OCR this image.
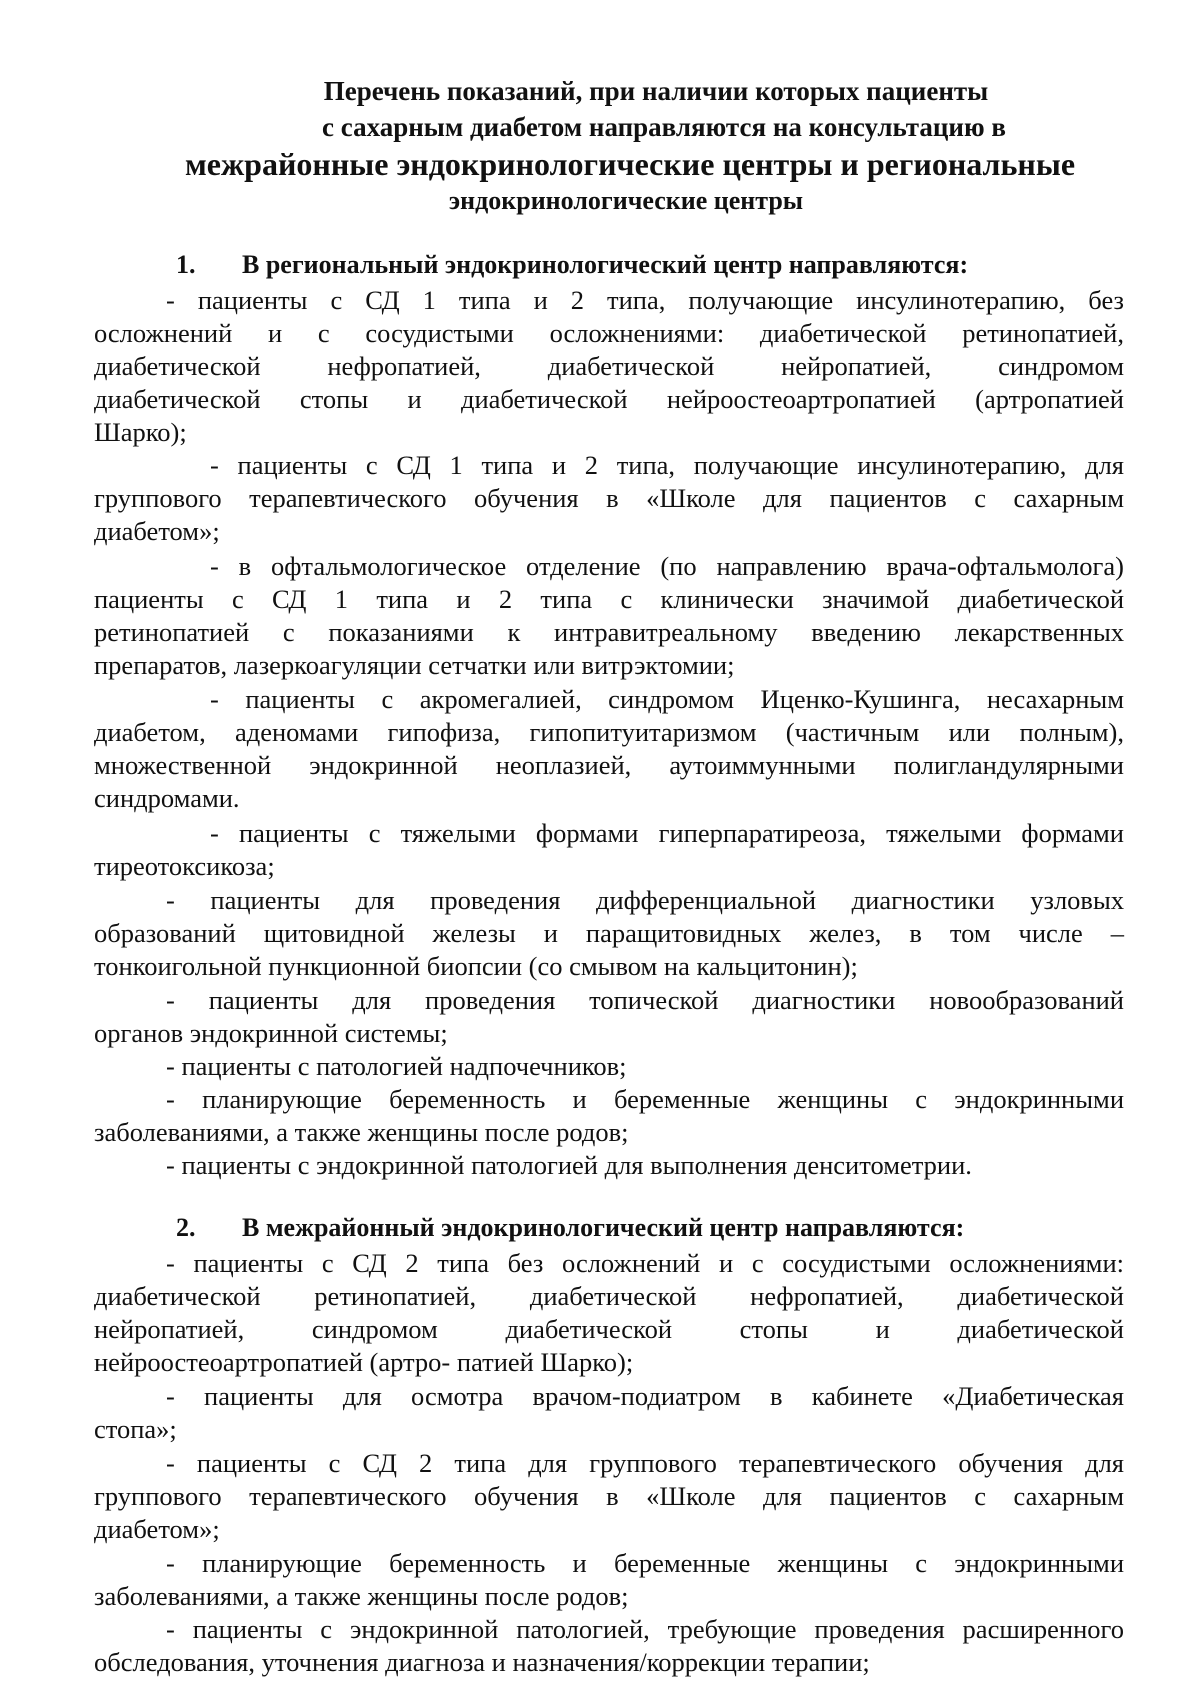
Перечень показаний, при наличии которых пациенты
с сахарным диабетом направляются на консультацию в
межрайонные эндокринологические центры и региональные
эндокринологические центры
1. В региональный эндокринологический центр направляются:
- пациенты с СД 1 типа и 2 типа, получающие инсулинотерапию, без
осложнений и с сосудистыми осложнениями: диабетической ретинопатией,
диабетической нефропатией, диабетической нейропатией, синдромом
диабетической стопы и диабетической нейроостеоартропатией (артропатией
Шарко);
- пациенты с СД 1 типа и 2 типа, получающие инсулинотерапию, для
группового терапевтического обучения в «Школе для пациентов с сахарным
диабетом»;
- в офтальмологическое отделение (по направлению врача-офтальмолога)
пациенты с СД 1 типа и 2 типа с клинически значимой диабетической
ретинопатией с показаниями к интравитреальному введению лекарственных
препаратов, лазеркоагуляции сетчатки или витрэктомии;
- пациенты с акромегалией, синдромом Иценко-Кушинга, несахарным
диабетом, аденомами гипофиза, гипопитуитаризмом (частичным или полным),
множественной эндокринной неоплазией, аутоиммунными полигландулярными
синдромами.
- пациенты с тяжелыми формами гиперпаратиреоза, тяжелыми формами
тиреотоксикоза;
- пациенты для проведения дифференциальной диагностики узловых
образований щитовидной железы и паращитовидных желез, в том числе –
тонкоигольной пункционной биопсии (со смывом на кальцитонин);
- пациенты для проведения топической диагностики новообразований
органов эндокринной системы;
- пациенты с патологией надпочечников;
- планирующие беременность и беременные женщины с эндокринными
заболеваниями, а также женщины после родов;
- пациенты с эндокринной патологией для выполнения денситометрии.
2. В межрайонный эндокринологический центр направляются:
- пациенты с СД 2 типа без осложнений и с сосудистыми осложнениями:
диабетической ретинопатией, диабетической нефропатией, диабетической
нейропатией, синдромом диабетической стопы и диабетической
нейроостеоартропатией (артро- патией Шарко);
- пациенты для осмотра врачом-подиатром в кабинете «Диабетическая
стопа»;
- пациенты с СД 2 типа для группового терапевтического обучения для
группового терапевтического обучения в «Школе для пациентов с сахарным
диабетом»;
- планирующие беременность и беременные женщины с эндокринными
заболеваниями, а также женщины после родов;
- пациенты с эндокринной патологией, требующие проведения расширенного
обследования, уточнения диагноза и назначения/коррекции терапии;
